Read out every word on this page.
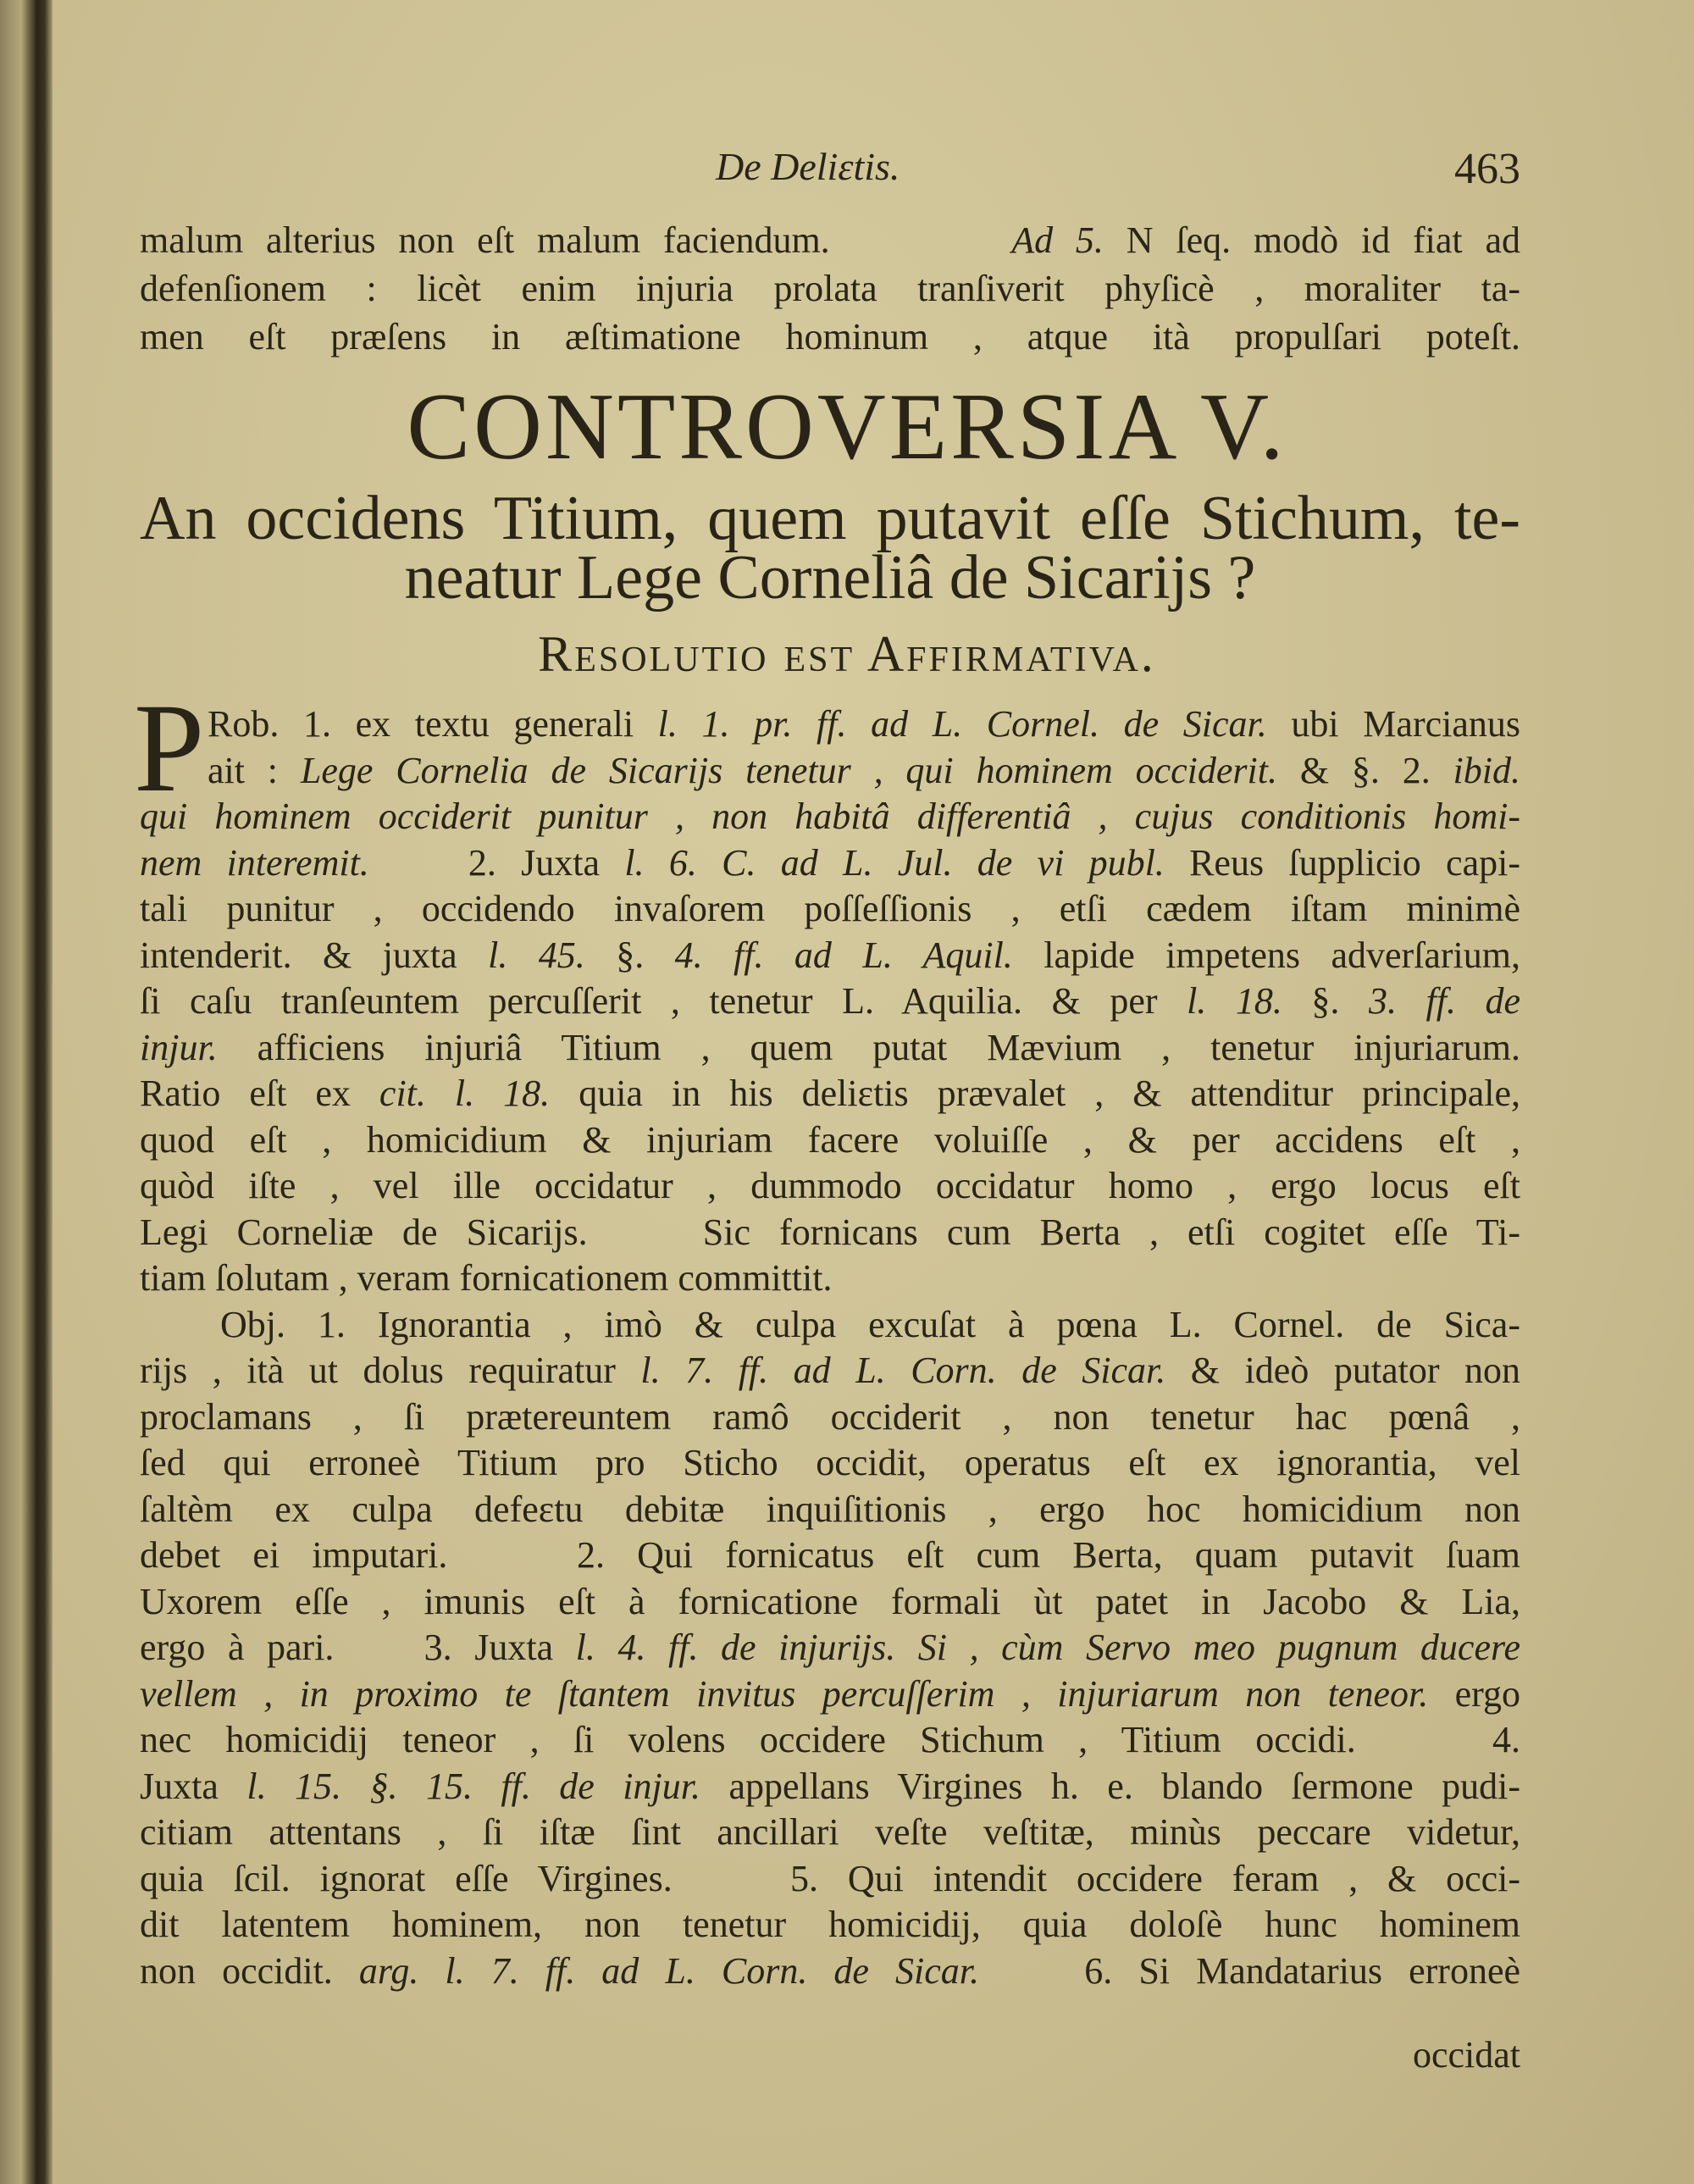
De Deliɛtis.	463
malum alterius non eſt malum faciendum.        Ad 5. N ſeq. modò id fiat ad
defenſionem : licèt enim injuria prolata tranſiverit phyſicè , moraliter ta-
men eſt præſens in æſtimatione hominum , atque ità propulſari poteſt.
CONTROVERSIA V.
An occidens Titium, quem putavit eſſe Stichum, te-
neatur Lege Corneliâ de Sicarijs ?
Resolutio est Affirmativa.
P Rob. 1. ex textu generali l. 1. pr. ff. ad L. Cornel. de Sicar. ubi Marcianus
ait : Lege Cornelia de Sicarijs tenetur , qui hominem occiderit. & §. 2. ibid.
qui hominem occiderit punitur , non habitâ differentiâ , cujus conditionis homi-
nem interemit.    2. Juxta l. 6. C. ad L. Jul. de vi publ. Reus ſupplicio capi-
tali punitur , occidendo invaſorem poſſeſſionis , etſi cædem iſtam minimè
intenderit. & juxta l. 45. §. 4. ff. ad L. Aquil. lapide impetens adverſarium,
ſi caſu tranſeuntem percuſſerit , tenetur L. Aquilia. & per l. 18. §. 3. ff. de
injur. afficiens injuriâ Titium , quem putat Mævium , tenetur injuriarum.
Ratio eſt ex cit. l. 18. quia in his deliɛtis prævalet , & attenditur principale,
quod eſt , homicidium & injuriam facere voluiſſe , & per accidens eſt ,
quòd iſte , vel ille occidatur , dummodo occidatur homo , ergo locus eſt
Legi Corneliæ de Sicarijs.    Sic fornicans cum Berta , etſi cogitet eſſe Ti-
tiam ſolutam , veram fornicationem committit.
Obj. 1. Ignorantia , imò & culpa excuſat à pœna L. Cornel. de Sica-
rijs , ità ut dolus requiratur l. 7. ff. ad L. Corn. de Sicar. & ideò putator non
proclamans , ſi prætereuntem ramô occiderit , non tenetur hac pœnâ ,
ſed qui erroneè Titium pro Sticho occidit, operatus eſt ex ignorantia, vel
ſaltèm ex culpa defeɛtu debitæ inquiſitionis , ergo hoc homicidium non
debet ei imputari.    2. Qui fornicatus eſt cum Berta, quam putavit ſuam
Uxorem eſſe , imunis eſt à fornicatione formali ùt patet in Jacobo & Lia,
ergo à pari.    3. Juxta l. 4. ff. de injurijs. Si , cùm Servo meo pugnum ducere
vellem , in proximo te ſtantem invitus percuſſerim , injuriarum non teneor. ergo
nec homicidij teneor , ſi volens occidere Stichum , Titium occidi.    4.
Juxta l. 15. §. 15. ff. de injur. appellans Virgines h. e. blando ſermone pudi-
citiam attentans , ſi iſtæ ſint ancillari veſte veſtitæ, minùs peccare videtur,
quia ſcil. ignorat eſſe Virgines.    5. Qui intendit occidere feram , & occi-
dit latentem hominem, non tenetur homicidij, quia doloſè hunc hominem
non occidit. arg. l. 7. ff. ad L. Corn. de Sicar.    6. Si Mandatarius erroneè
occidat
